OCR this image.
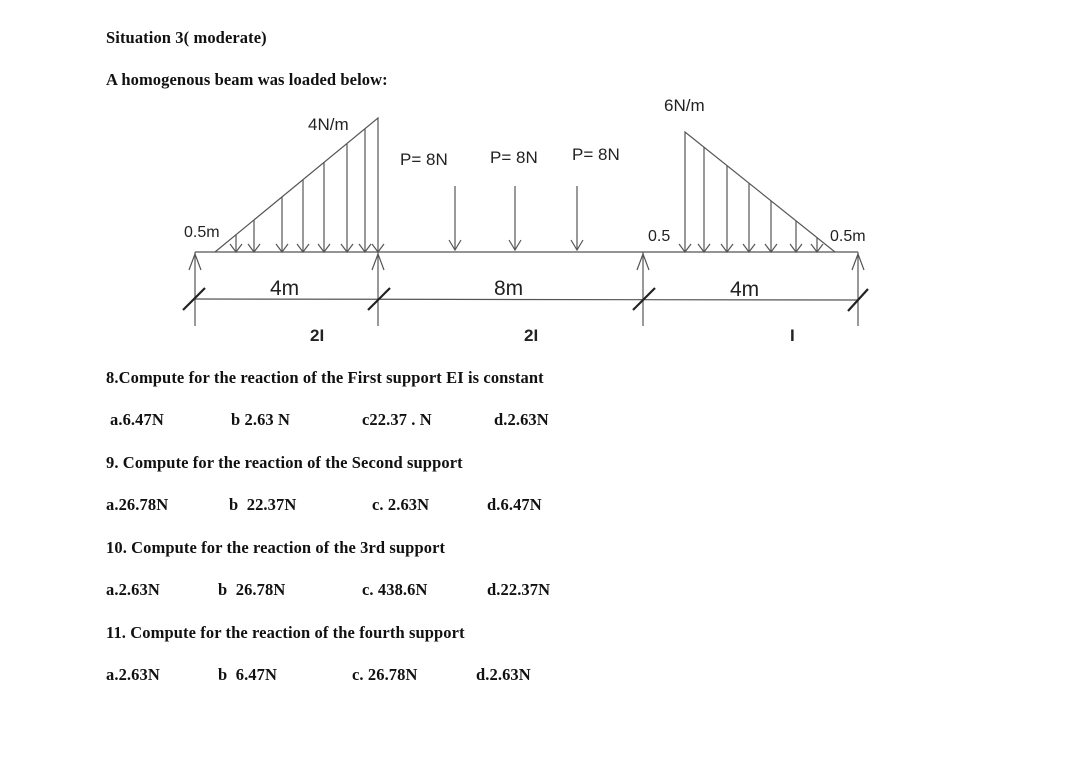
Situation 3( moderate)
A homogenous beam was loaded below:
4N/m
6N/m
P= 8N P= 8N P= 8N
0.5m	0.5	0.5m
4m	8m	4m
2I	2I	I
8.Compute for the reaction of the First support EI is constant
a.6.47N	b 2.63 N	c22.37 . N	d.2.63N
9. Compute for the reaction of the Second support
a.26.78N	b  22.37N	c. 2.63N	d.6.47N
10. Compute for the reaction of the 3rd support
a.2.63N	b  26.78N	c. 438.6N	d.22.37N
11. Compute for the reaction of the fourth support
a.2.63N	b  6.47N	c. 26.78N	d.2.63N
